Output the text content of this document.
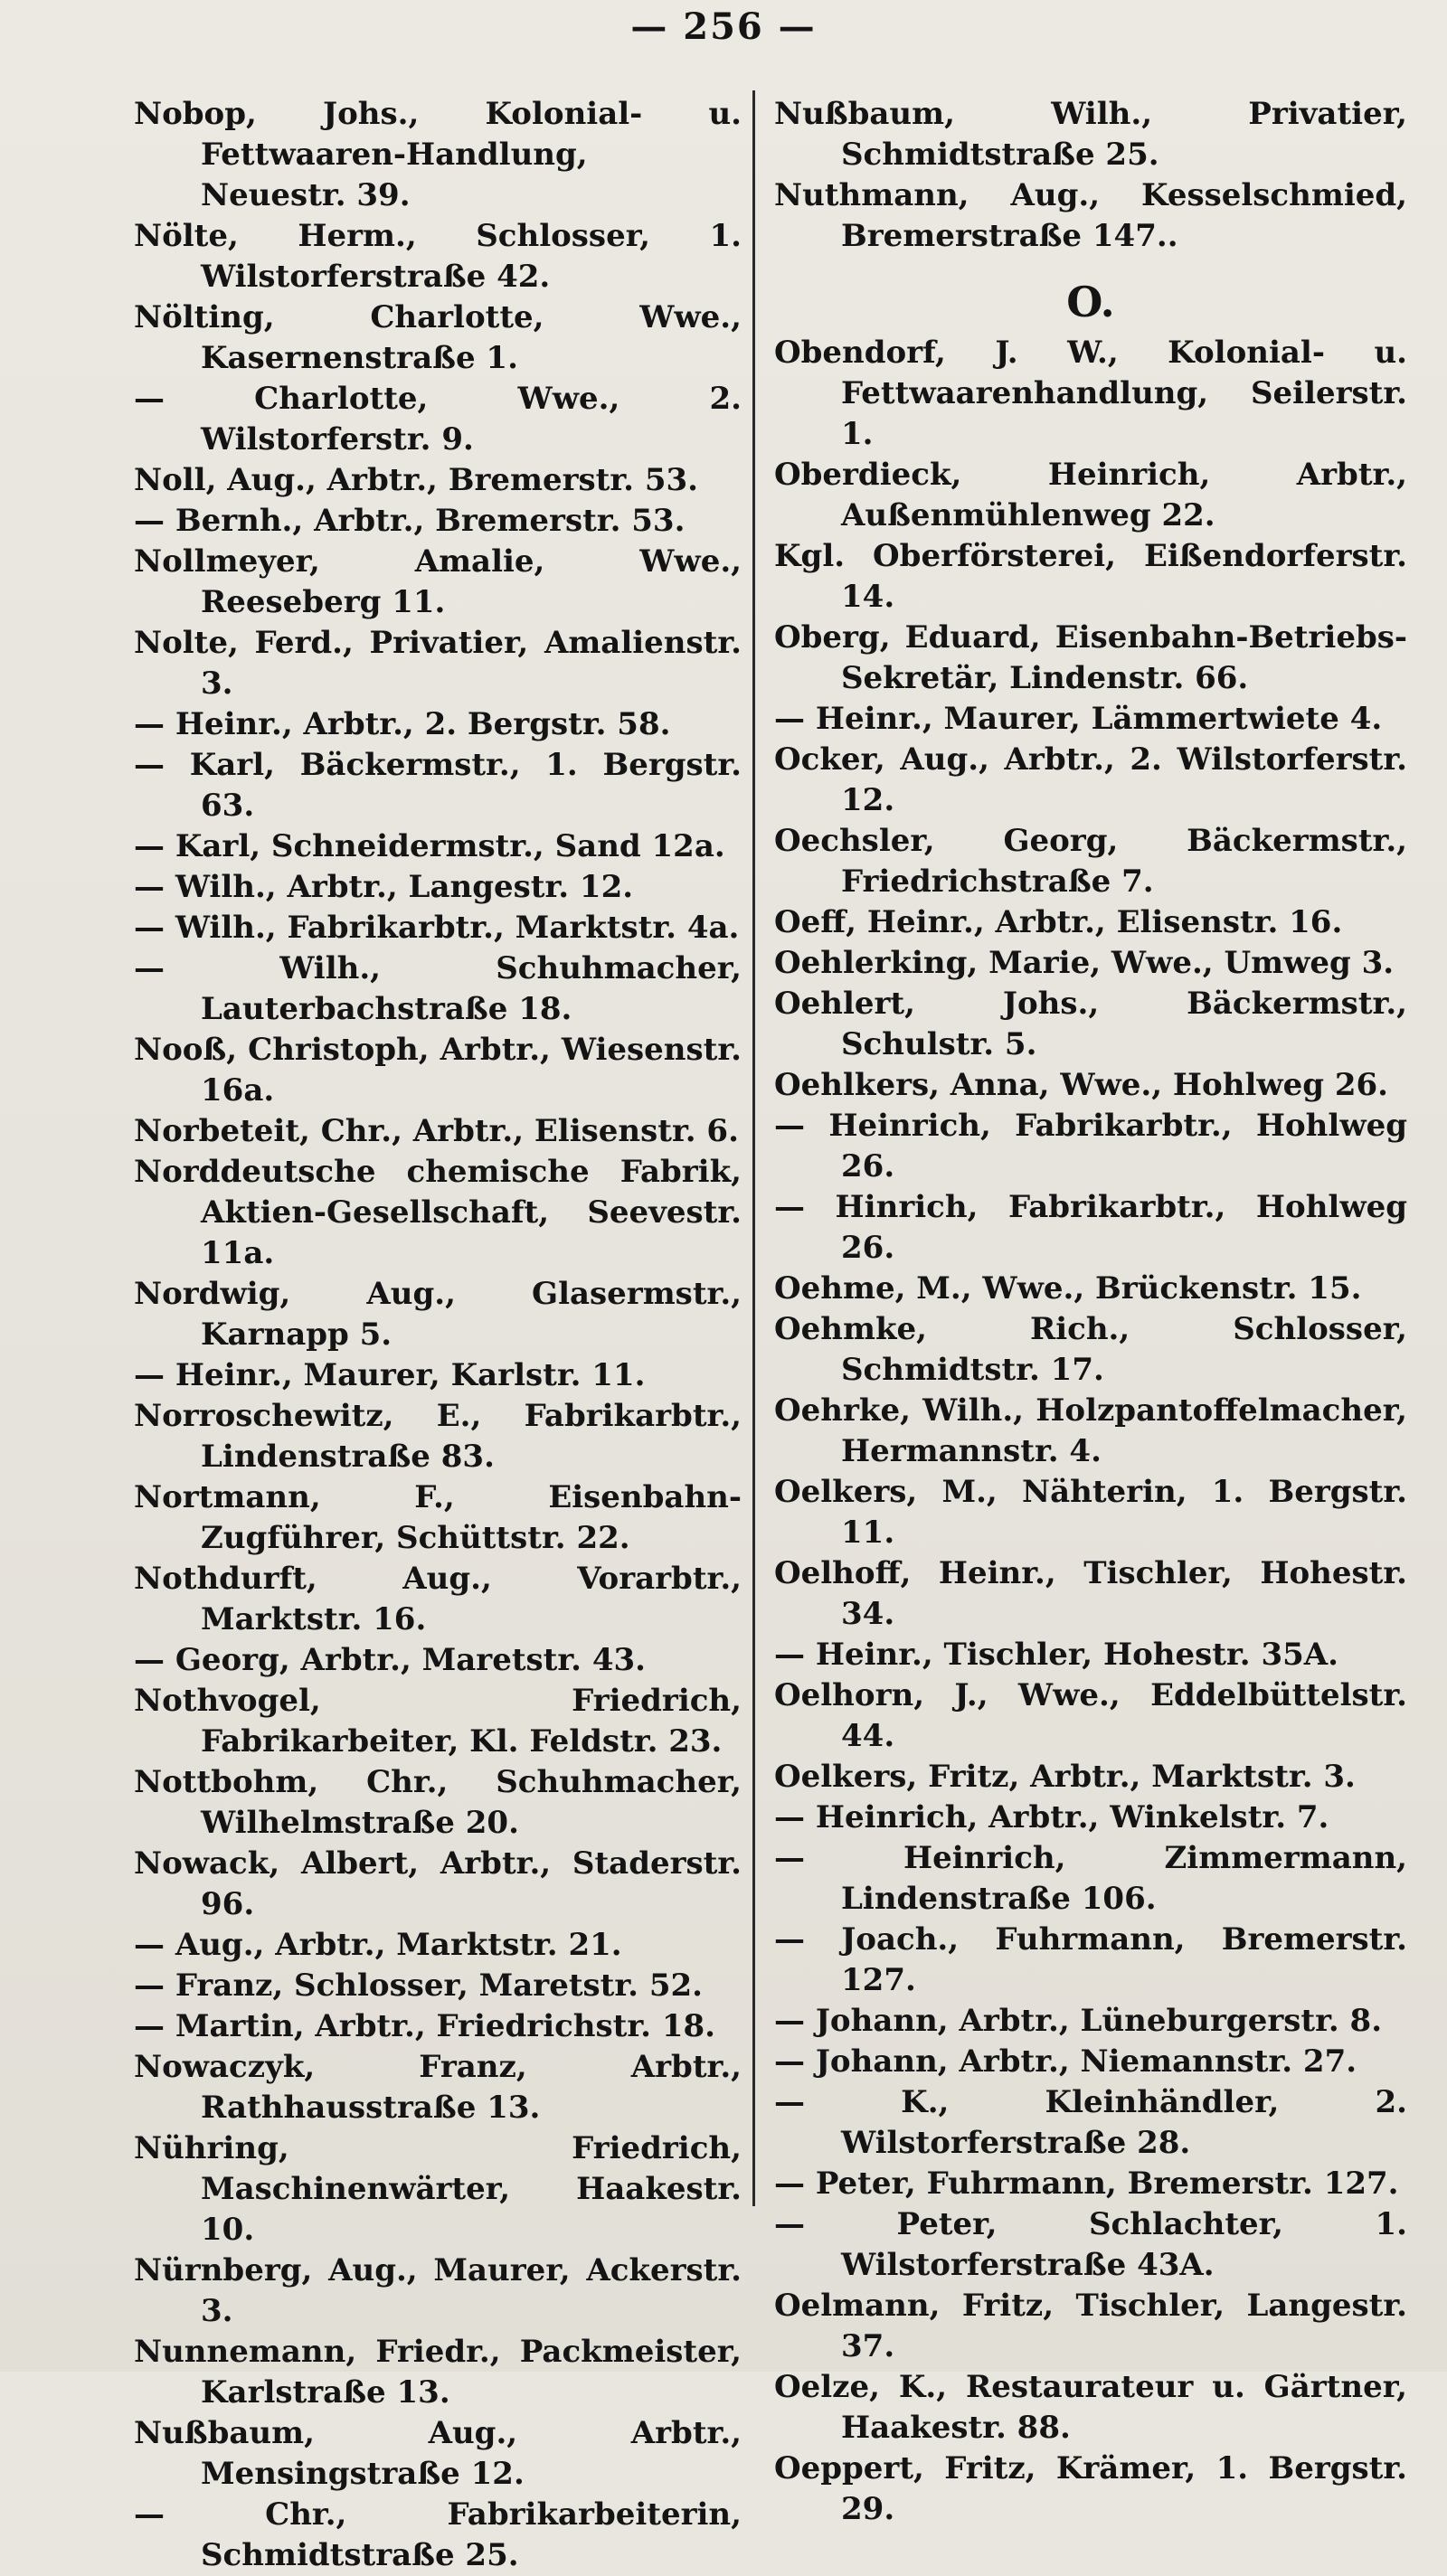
— 256 —
Nobop, Johs., Kolonial- u. Fettwaaren-Handlung, Neuestr. 39.
Nölte, Herm., Schlosser, 1. Wilstorferstraße 42.
Nölting, Charlotte, Wwe., Kasernenstraße 1.
— Charlotte, Wwe., 2. Wilstorferstr. 9.
Noll, Aug., Arbtr., Bremerstr. 53.
— Bernh., Arbtr., Bremerstr. 53.
Nollmeyer, Amalie, Wwe., Reeseberg 11.
Nolte, Ferd., Privatier, Amalienstr. 3.
— Heinr., Arbtr., 2. Bergstr. 58.
— Karl, Bäckermstr., 1. Bergstr. 63.
— Karl, Schneidermstr., Sand 12a.
— Wilh., Arbtr., Langestr. 12.
— Wilh., Fabrikarbtr., Marktstr. 4a.
— Wilh., Schuhmacher, Lauterbachstraße 18.
Nooß, Christoph, Arbtr., Wiesenstr. 16a.
Norbeteit, Chr., Arbtr., Elisenstr. 6.
Norddeutsche chemische Fabrik, Aktien-Gesellschaft, Seevestr. 11a.
Nordwig, Aug., Glasermstr., Karnapp 5.
— Heinr., Maurer, Karlstr. 11.
Norroschewitz, E., Fabrikarbtr., Lindenstraße 83.
Nortmann, F., Eisenbahn-Zugführer, Schüttstr. 22.
Nothdurft, Aug., Vorarbtr., Marktstr. 16.
— Georg, Arbtr., Maretstr. 43.
Nothvogel, Friedrich, Fabrikarbeiter, Kl. Feldstr. 23.
Nottbohm, Chr., Schuhmacher, Wilhelmstraße 20.
Nowack, Albert, Arbtr., Staderstr. 96.
— Aug., Arbtr., Marktstr. 21.
— Franz, Schlosser, Maretstr. 52.
— Martin, Arbtr., Friedrichstr. 18.
Nowaczyk, Franz, Arbtr., Rathhausstraße 13.
Nühring, Friedrich, Maschinenwärter, Haakestr. 10.
Nürnberg, Aug., Maurer, Ackerstr. 3.
Nunnemann, Friedr., Packmeister, Karlstraße 13.
Nußbaum, Aug., Arbtr., Mensingstraße 12.
— Chr., Fabrikarbeiterin, Schmidtstraße 25.
Nußbaum, Wilh., Privatier, Schmidtstraße 25.
Nuthmann, Aug., Kesselschmied, Bremerstraße 147..
O.
Obendorf, J. W., Kolonial- u. Fettwaarenhandlung, Seilerstr. 1.
Oberdieck, Heinrich, Arbtr., Außenmühlenweg 22.
Kgl. Oberförsterei, Eißendorferstr. 14.
Oberg, Eduard, Eisenbahn-Betriebs-Sekretär, Lindenstr. 66.
— Heinr., Maurer, Lämmertwiete 4.
Ocker, Aug., Arbtr., 2. Wilstorferstr. 12.
Oechsler, Georg, Bäckermstr., Friedrichstraße 7.
Oeff, Heinr., Arbtr., Elisenstr. 16.
Oehlerking, Marie, Wwe., Umweg 3.
Oehlert, Johs., Bäckermstr., Schulstr. 5.
Oehlkers, Anna, Wwe., Hohlweg 26.
— Heinrich, Fabrikarbtr., Hohlweg 26.
— Hinrich, Fabrikarbtr., Hohlweg 26.
Oehme, M., Wwe., Brückenstr. 15.
Oehmke, Rich., Schlosser, Schmidtstr. 17.
Oehrke, Wilh., Holzpantoffelmacher, Hermannstr. 4.
Oelkers, M., Nähterin, 1. Bergstr. 11.
Oelhoff, Heinr., Tischler, Hohestr. 34.
— Heinr., Tischler, Hohestr. 35A.
Oelhorn, J., Wwe., Eddelbüttelstr. 44.
Oelkers, Fritz, Arbtr., Marktstr. 3.
— Heinrich, Arbtr., Winkelstr. 7.
— Heinrich, Zimmermann, Lindenstraße 106.
— Joach., Fuhrmann, Bremerstr. 127.
— Johann, Arbtr., Lüneburgerstr. 8.
— Johann, Arbtr., Niemannstr. 27.
— K., Kleinhändler, 2. Wilstorferstraße 28.
— Peter, Fuhrmann, Bremerstr. 127.
— Peter, Schlachter, 1. Wilstorferstraße 43A.
Oelmann, Fritz, Tischler, Langestr. 37.
Oelze, K., Restaurateur u. Gärtner, Haakestr. 88.
Oeppert, Fritz, Krämer, 1. Bergstr. 29.
